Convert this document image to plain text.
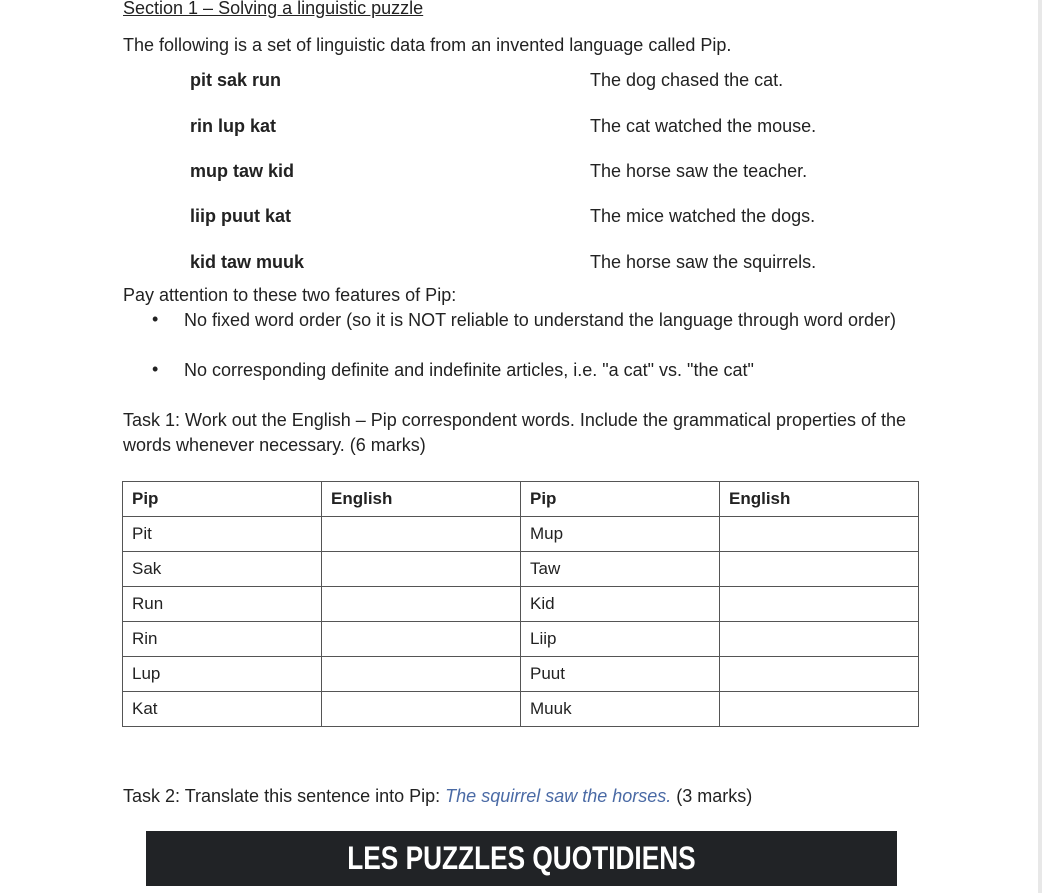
Section 1 – Solving a linguistic puzzle
The following is a set of linguistic data from an invented language called Pip.
pit sak run	The dog chased the cat.
rin lup kat	The cat watched the mouse.
mup taw kid	The horse saw the teacher.
liip puut kat	The mice watched the dogs.
kid taw muuk	The horse saw the squirrels.
Pay attention to these two features of Pip:
• No fixed word order (so it is NOT reliable to understand the language through word order)
• No corresponding definite and indefinite articles, i.e. "a cat" vs. "the cat"
Task 1: Work out the English – Pip correspondent words. Include the grammatical properties of the words whenever necessary. (6 marks)
Pip	English	Pip	English
Pit		Mup	
Sak		Taw	
Run		Kid	
Rin		Liip	
Lup		Puut	
Kat		Muuk	
Task 2: Translate this sentence into Pip: The squirrel saw the horses. (3 marks)
LES PUZZLES QUOTIDIENS
